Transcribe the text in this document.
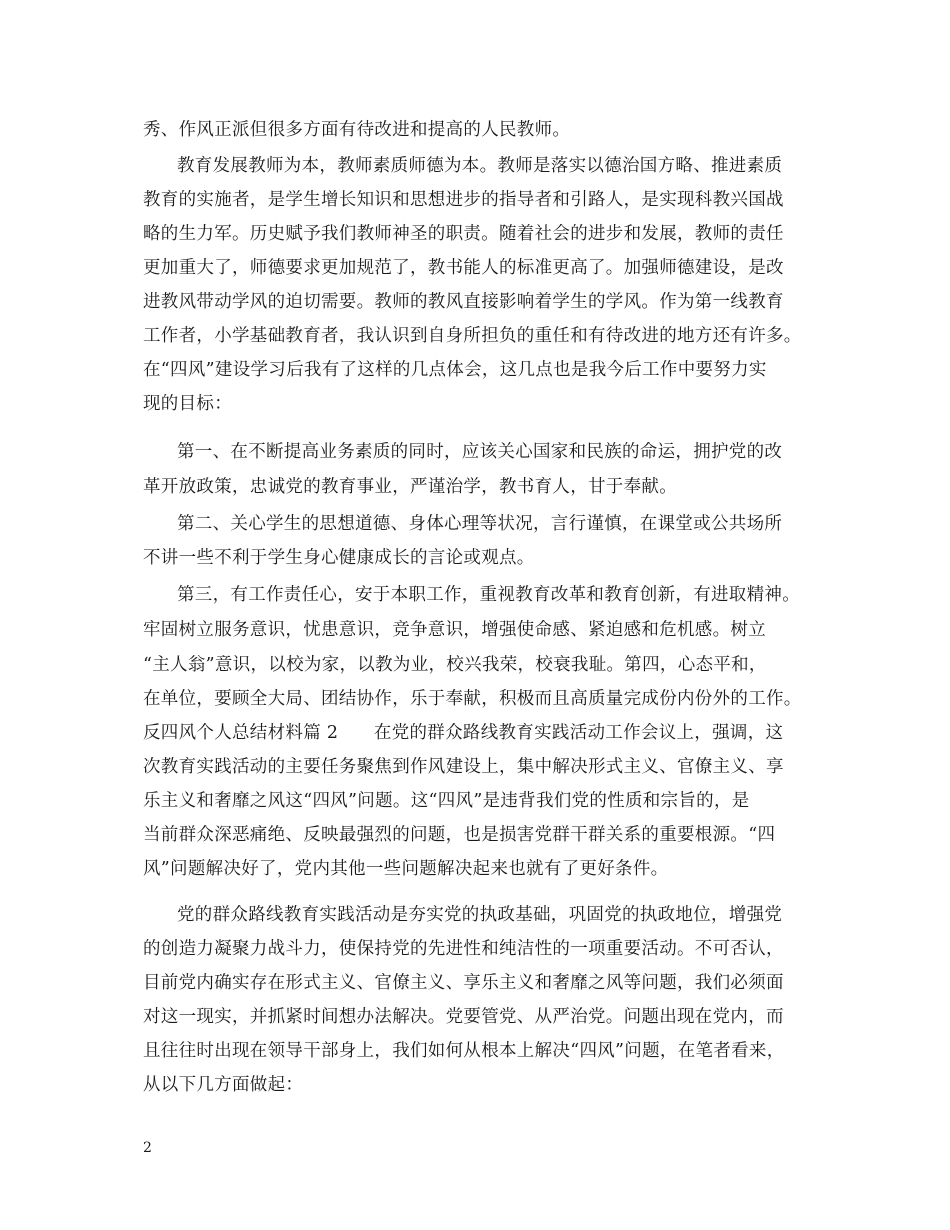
秀、作风正派但很多方面有待改进和提高的人民教师。
教育发展教师为本，教师素质师德为本。教师是落实以德治国方略、推进素质
教育的实施者，是学生增长知识和思想进步的指导者和引路人，是实现科教兴国战
略的生力军。历史赋予我们教师神圣的职责。随着社会的进步和发展，教师的责任
更加重大了，师德要求更加规范了，教书能人的标准更高了。加强师德建设，是改
进教风带动学风的迫切需要。教师的教风直接影响着学生的学风。作为第一线教育
工作者，小学基础教育者，我认识到自身所担负的重任和有待改进的地方还有许多。
在“四风”建设学习后我有了这样的几点体会，这几点也是我今后工作中要努力实
现的目标：
第一、在不断提高业务素质的同时，应该关心国家和民族的命运，拥护党的改
革开放政策，忠诚党的教育事业，严谨治学，教书育人，甘于奉献。
第二、关心学生的思想道德、身体心理等状况，言行谨慎，在课堂或公共场所
不讲一些不利于学生身心健康成长的言论或观点。
第三，有工作责任心，安于本职工作，重视教育改革和教育创新，有进取精神。
牢固树立服务意识，忧患意识，竞争意识，增强使命感、紧迫感和危机感。树立
“主人翁”意识，以校为家，以教为业，校兴我荣，校衰我耻。第四，心态平和，
在单位，要顾全大局、团结协作，乐于奉献，积极而且高质量完成份内份外的工作。
反四风个人总结材料篇 2　　在党的群众路线教育实践活动工作会议上，强调，这
次教育实践活动的主要任务聚焦到作风建设上，集中解决形式主义、官僚主义、享
乐主义和奢靡之风这“四风”问题。这“四风”是违背我们党的性质和宗旨的，是
当前群众深恶痛绝、反映最强烈的问题，也是损害党群干群关系的重要根源。“四
风”问题解决好了，党内其他一些问题解决起来也就有了更好条件。
党的群众路线教育实践活动是夯实党的执政基础，巩固党的执政地位，增强党
的创造力凝聚力战斗力，使保持党的先进性和纯洁性的一项重要活动。不可否认，
目前党内确实存在形式主义、官僚主义、享乐主义和奢靡之风等问题，我们必须面
对这一现实，并抓紧时间想办法解决。党要管党、从严治党。问题出现在党内，而
且往往时出现在领导干部身上，我们如何从根本上解决“四风”问题，在笔者看来，
从以下几方面做起：
2
